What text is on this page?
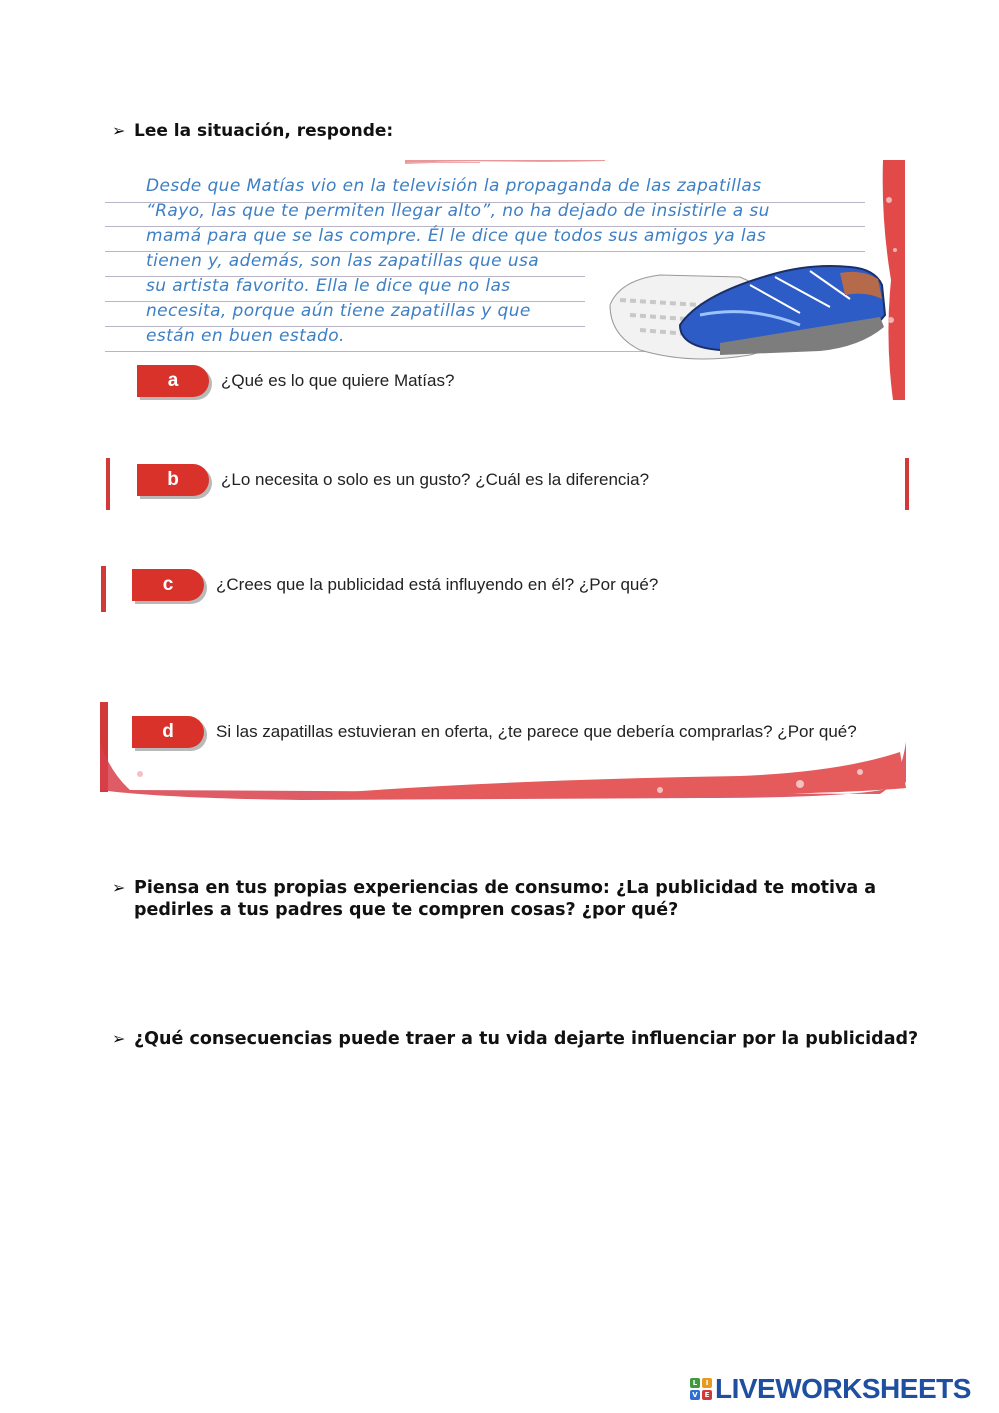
➢ Lee la situación, responde:
Desde que Matías vio en la televisión la propaganda de las zapatillas
“Rayo, las que te permiten llegar alto”, no ha dejado de insistirle a su
mamá para que se las compre. Él le dice que todos sus amigos ya las
tienen y, además, son las zapatillas que usa
su artista favorito. Ella le dice que no las
necesita, porque aún tiene zapatillas y que
están en buen estado.
a	¿Qué es lo que quiere Matías?
b ¿Lo necesita o solo es un gusto? ¿Cuál es la diferencia?
c	¿Crees que la publicidad está influyendo en él? ¿Por qué?
d Si las zapatillas estuvieran en oferta, ¿te parece que debería comprarlas? ¿Por qué?
➢ Piensa en tus propias experiencias de consumo: ¿La publicidad te motiva a
pedirles a tus padres que te compren cosas? ¿por qué?
➢ ¿Qué consecuencias puede traer a tu vida dejarte influenciar por la publicidad?
L	I
V E LIVEWORKSHEETS
